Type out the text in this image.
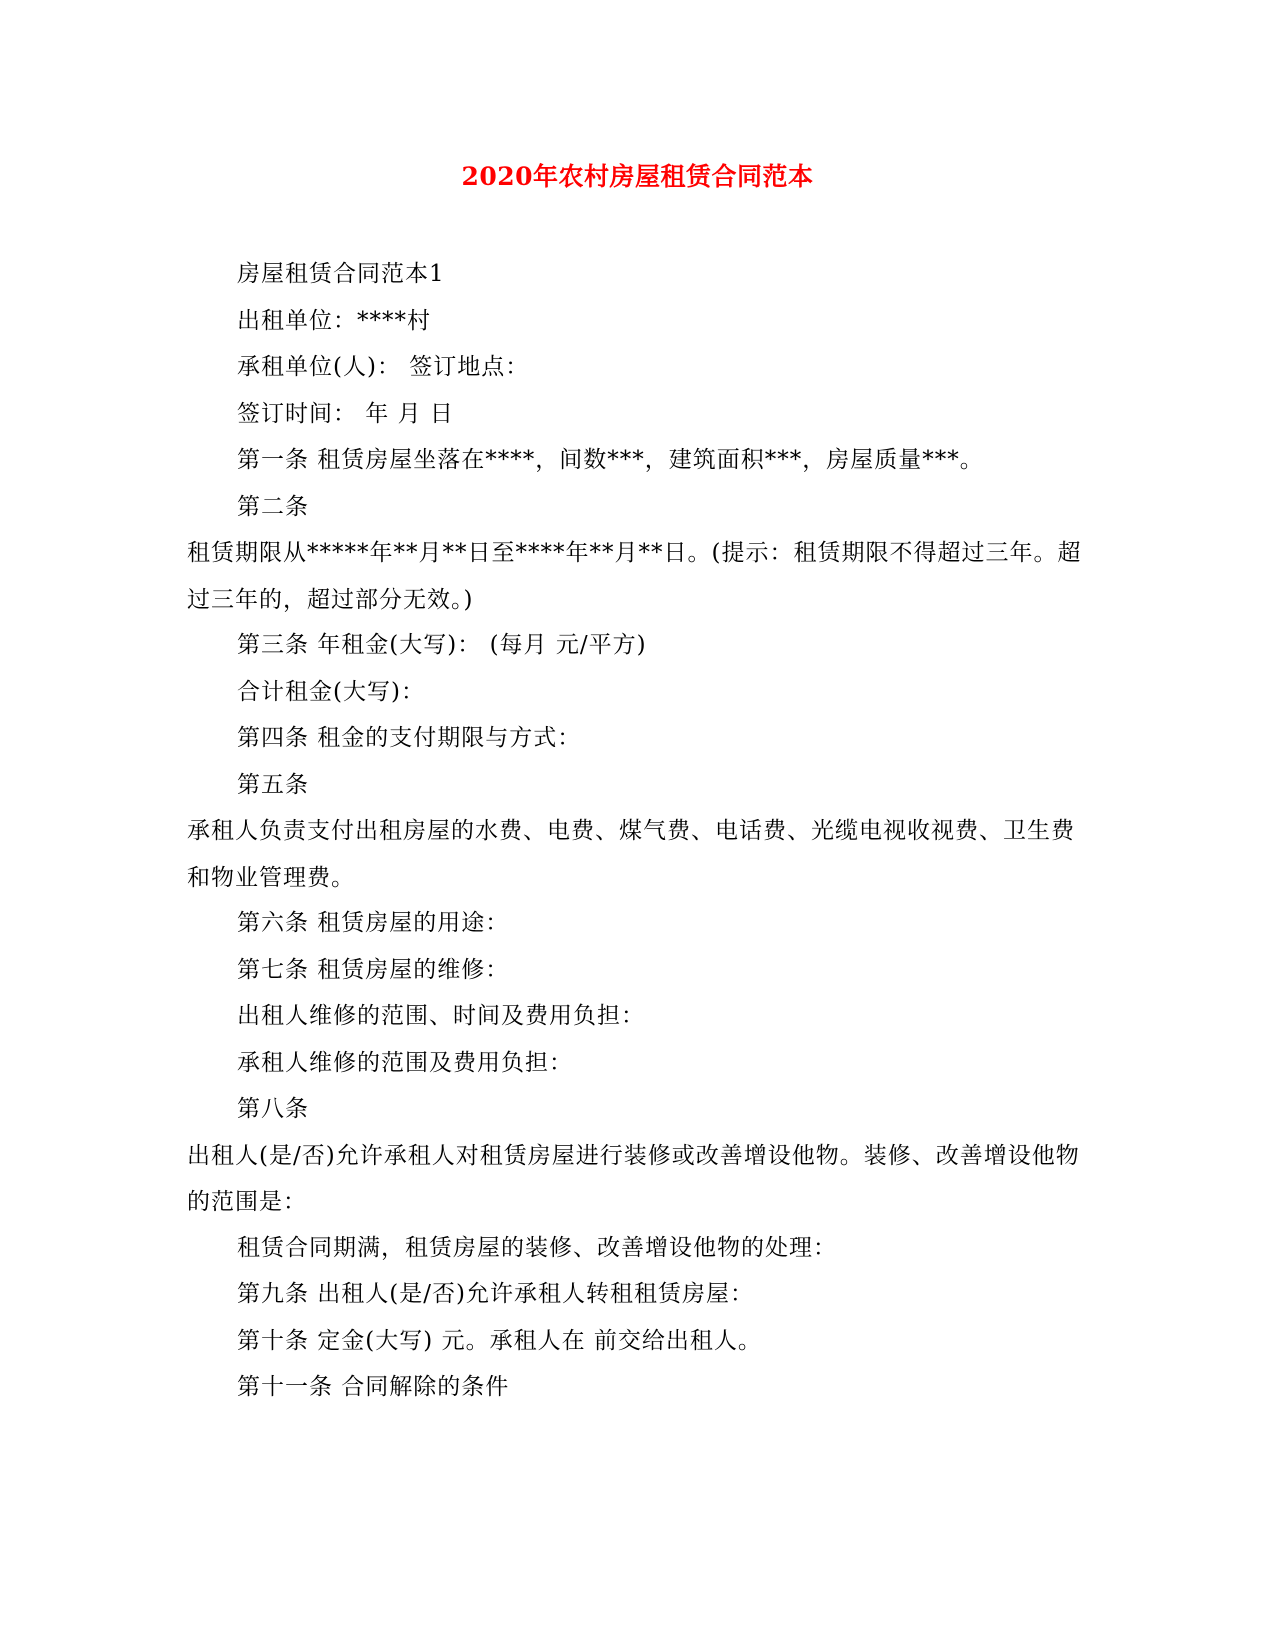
2020年农村房屋租赁合同范本

房屋租赁合同范本1

出租单位：****村

承租单位(人)： 签订地点：

签订时间： 年 月 日

第一条 租赁房屋坐落在****，间数***，建筑面积***，房屋质量***。

第二条

租赁期限从*****年**月**日至****年**月**日。(提示：租赁期限不得超过三年。超过三年的，超过部分无效。)

第三条 年租金(大写)： (每月 元/平方)

合计租金(大写)：

第四条 租金的支付期限与方式：

第五条

承租人负责支付出租房屋的水费、电费、煤气费、电话费、光缆电视收视费、卫生费和物业管理费。

第六条 租赁房屋的用途：

第七条 租赁房屋的维修：

出租人维修的范围、时间及费用负担：

承租人维修的范围及费用负担：

第八条

出租人(是/否)允许承租人对租赁房屋进行装修或改善增设他物。装修、改善增设他物的范围是：

租赁合同期满，租赁房屋的装修、改善增设他物的处理：

第九条 出租人(是/否)允许承租人转租租赁房屋：

第十条 定金(大写) 元。承租人在 前交给出租人。

第十一条 合同解除的条件
